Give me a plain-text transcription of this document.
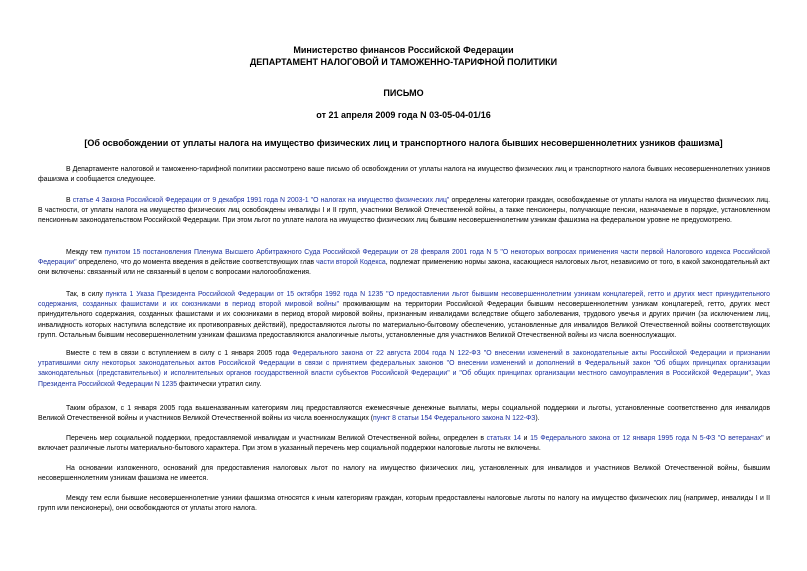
Министерство финансов Российской Федерации
ДЕПАРТАМЕНТ НАЛОГОВОЙ И ТАМОЖЕННО-ТАРИФНОЙ ПОЛИТИКИ
ПИСЬМО
от 21 апреля 2009 года N 03-05-04-01/16
[Об освобождении от уплаты налога на имущество физических лиц и транспортного налога бывших несовершеннолетних узников фашизма]
В Департаменте налоговой и таможенно-тарифной политики рассмотрено ваше письмо об освобождении от уплаты налога на имущество физических лиц и транспортного налога бывших несовершеннолетних узников фашизма и сообщается следующее.
В статье 4 Закона Российской Федерации от 9 декабря 1991 года N 2003-1 "О налогах на имущество физических лиц" определены категории граждан, освобождаемые от уплаты налога на имущество физических лиц. В частности, от уплаты налога на имущество физических лиц освобождены инвалиды I и II групп, участники Великой Отечественной войны, а также пенсионеры, получающие пенсии, назначаемые в порядке, установленном пенсионным законодательством Российской Федерации. При этом льгот по уплате налога на имущество физических лиц бывшим несовершеннолетним узникам фашизма на федеральном уровне не предусмотрено.
Между тем пунктом 15 постановления Пленума Высшего Арбитражного Суда Российской Федерации от 28 февраля 2001 года N 5 "О некоторых вопросах применения части первой Налогового кодекса Российской Федерации" определено, что до момента введения в действие соответствующих глав части второй Кодекса, подлежат применению нормы закона, касающиеся налоговых льгот, независимо от того, в какой законодательный акт они включены: связанный или не связанный в целом с вопросами налогообложения.
Так, в силу пункта 1 Указа Президента Российской Федерации от 15 октября 1992 года N 1235 "О предоставлении льгот бывшим несовершеннолетним узникам концлагерей, гетто и других мест принудительного содержания, созданных фашистами и их союзниками в период второй мировой войны" проживающим на территории Российской Федерации бывшим несовершеннолетним узникам концлагерей, гетто, других мест принудительного содержания, созданных фашистами и их союзниками в период второй мировой войны, признанным инвалидами вследствие общего заболевания, трудового увечья и других причин (за исключением лиц, инвалидность которых наступила вследствие их противоправных действий), предоставляются льготы по материально-бытовому обеспечению, установленные для инвалидов Великой Отечественной войны соответствующих групп. Остальным бывшим несовершеннолетним узникам фашизма предоставляются аналогичные льготы, установленные для участников Великой Отечественной войны из числа военнослужащих.
Вместе с тем в связи с вступлением в силу с 1 января 2005 года Федерального закона от 22 августа 2004 года N 122-ФЗ "О внесении изменений в законодательные акты Российской Федерации и признании утратившими силу некоторых законодательных актов Российской Федерации в связи с принятием федеральных законов "О внесении изменений и дополнений в Федеральный закон "Об общих принципах организации законодательных (представительных) и исполнительных органов государственной власти субъектов Российской Федерации" и "Об общих принципах организации местного самоуправления в Российской Федерации", Указ Президента Российской Федерации N 1235 фактически утратил силу.
Таким образом, с 1 января 2005 года вышеназванным категориям лиц предоставляются ежемесячные денежные выплаты, меры социальной поддержки и льготы, установленные соответственно для инвалидов Великой Отечественной войны и участников Великой Отечественной войны из числа военнослужащих (пункт 8 статьи 154 Федерального закона N 122-ФЗ).
Перечень мер социальной поддержки, предоставляемой инвалидам и участникам Великой Отечественной войны, определен в статьях 14 и 15 Федерального закона от 12 января 1995 года N 5-ФЗ "О ветеранах" и включает различные льготы материально-бытового характера. При этом в указанный перечень мер социальной поддержки налоговые льготы не включены.
На основании изложенного, оснований для предоставления налоговых льгот по налогу на имущество физических лиц, установленных для инвалидов и участников Великой Отечественной войны, бывшим несовершеннолетним узникам фашизма не имеется.
Между тем если бывшие несовершеннолетние узники фашизма относятся к иным категориям граждан, которым предоставлены налоговые льготы по налогу на имущество физических лиц (например, инвалиды I и II групп или пенсионеры), они освобождаются от уплаты этого налога.
